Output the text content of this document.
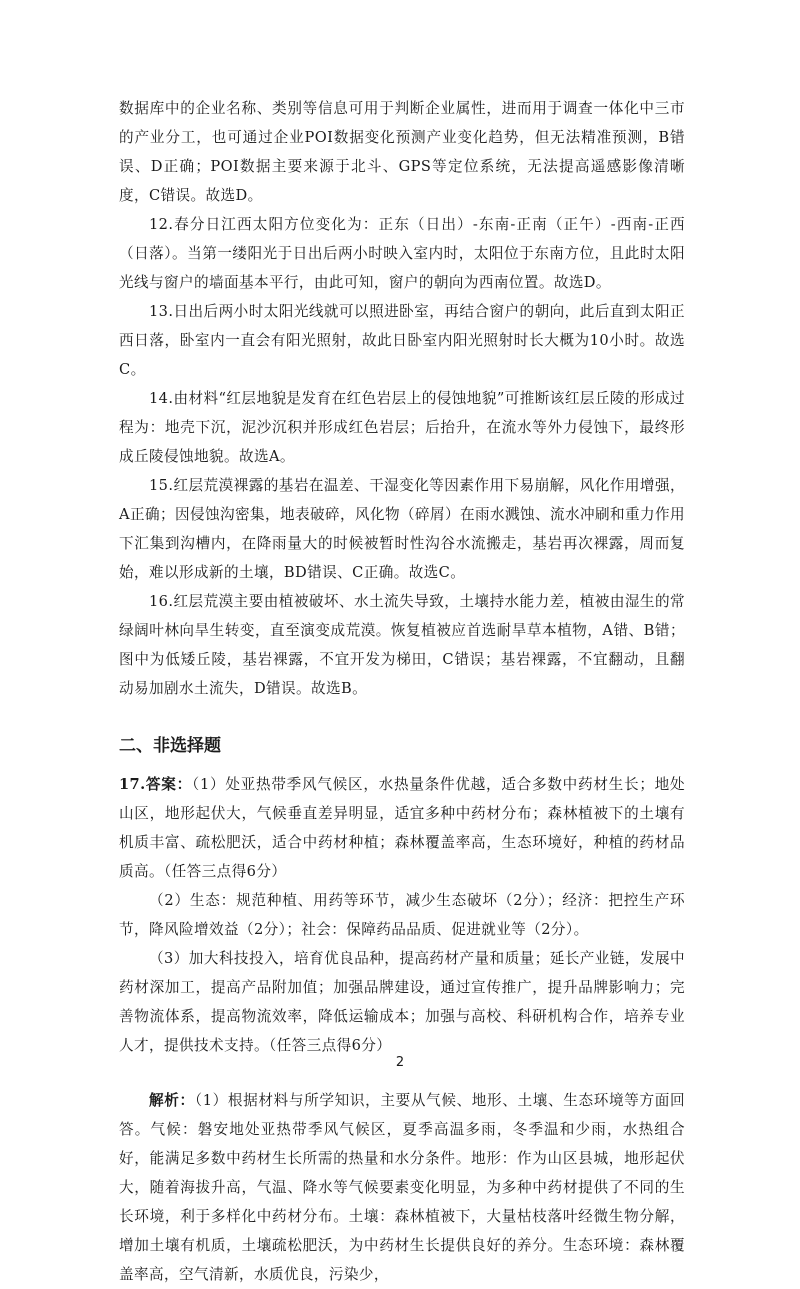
数据库中的企业名称、类别等信息可用于判断企业属性，进而用于调查一体化中三市的产业分工，也可通过企业POI数据变化预测产业变化趋势，但无法精准预测，B错误、D正确；POI数据主要来源于北斗、GPS等定位系统，无法提高遥感影像清晰度，C错误。故选D。

12.春分日江西太阳方位变化为：正东（日出）-东南-正南（正午）-西南-正西（日落）。当第一缕阳光于日出后两小时映入室内时，太阳位于东南方位，且此时太阳光线与窗户的墙面基本平行，由此可知，窗户的朝向为西南位置。故选D。

13.日出后两小时太阳光线就可以照进卧室，再结合窗户的朝向，此后直到太阳正西日落，卧室内一直会有阳光照射，故此日卧室内阳光照射时长大概为10小时。故选C。

14.由材料“红层地貌是发育在红色岩层上的侵蚀地貌”可推断该红层丘陵的形成过程为：地壳下沉，泥沙沉积并形成红色岩层；后抬升，在流水等外力侵蚀下，最终形成丘陵侵蚀地貌。故选A。

15.红层荒漠裸露的基岩在温差、干湿变化等因素作用下易崩解，风化作用增强，A正确；因侵蚀沟密集，地表破碎，风化物（碎屑）在雨水溅蚀、流水冲刷和重力作用下汇集到沟槽内，在降雨量大的时候被暂时性沟谷水流搬走，基岩再次裸露，周而复始，难以形成新的土壤，BD错误、C正确。故选C。

16.红层荒漠主要由植被破坏、水土流失导致，土壤持水能力差，植被由湿生的常绿阔叶林向旱生转变，直至演变成荒漠。恢复植被应首选耐旱草本植物，A错、B错；图中为低矮丘陵，基岩裸露，不宜开发为梯田，C错误；基岩裸露，不宜翻动，且翻动易加剧水土流失，D错误。故选B。

二、非选择题

17.答案：（1）处亚热带季风气候区，水热量条件优越，适合多数中药材生长；地处山区，地形起伏大，气候垂直差异明显，适宜多种中药材分布；森林植被下的土壤有机质丰富、疏松肥沃，适合中药材种植；森林覆盖率高，生态环境好，种植的药材品质高。（任答三点得6分）

（2）生态：规范种植、用药等环节，减少生态破坏（2分）；经济：把控生产环节，降风险增效益（2分）；社会：保障药品品质、促进就业等（2分）。

（3）加大科技投入，培育优良品种，提高药材产量和质量；延长产业链，发展中药材深加工，提高产品附加值；加强品牌建设，通过宣传推广，提升品牌影响力；完善物流体系，提高物流效率，降低运输成本；加强与高校、科研机构合作，培养专业人才，提供技术支持。（任答三点得6分）

解析：（1）根据材料与所学知识，主要从气候、地形、土壤、生态环境等方面回答。气候：磐安地处亚热带季风气候区，夏季高温多雨，冬季温和少雨，水热组合好，能满足多数中药材生长所需的热量和水分条件。地形：作为山区县城，地形起伏大，随着海拔升高，气温、降水等气候要素变化明显，为多种中药材提供了不同的生长环境，利于多样化中药材分布。土壤：森林植被下，大量枯枝落叶经微生物分解，增加土壤有机质，土壤疏松肥沃，为中药材生长提供良好的养分。生态环境：森林覆盖率高，空气清新，水质优良，污染少，

2
